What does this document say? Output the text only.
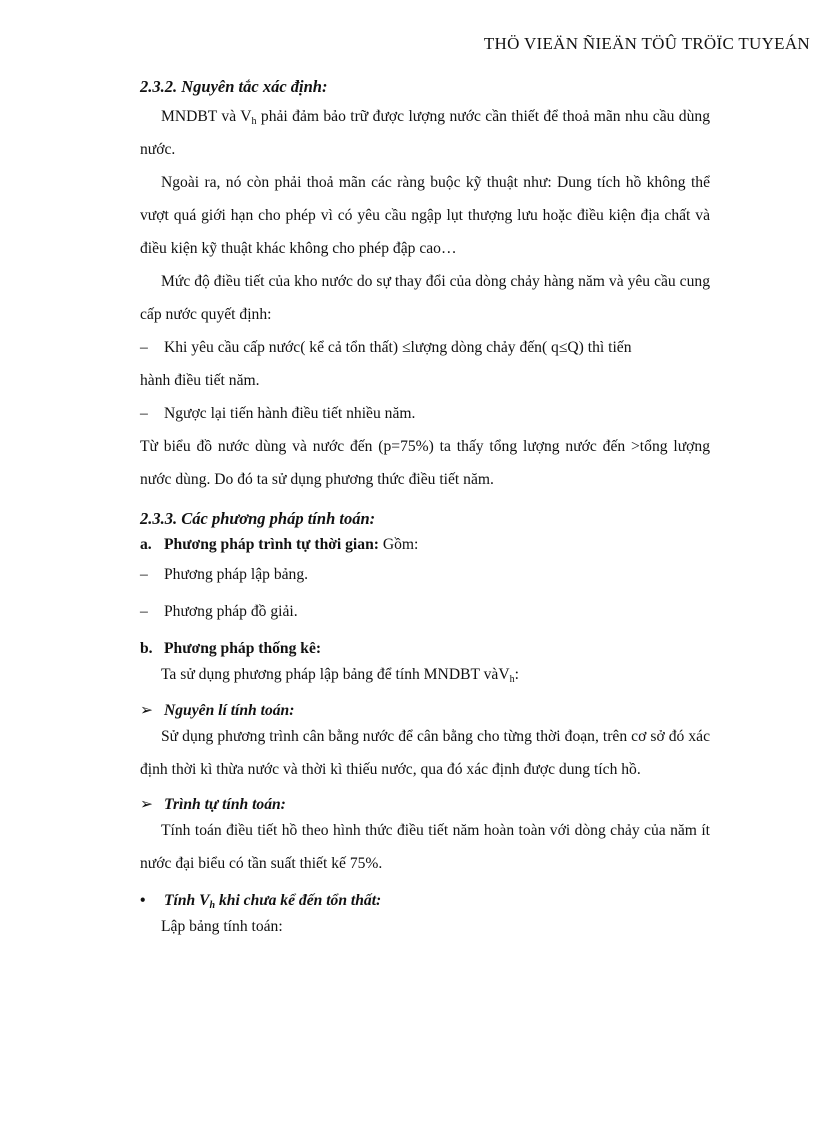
THÖ VIEÄN ÑIEÄN TÖÛ TRÖÏC TUYEÁN
2.3.2. Nguyên tắc xác định:

MNDBT và $V_h$ phải đảm bảo trữ được lượng nước cần thiết để thoả mãn nhu cầu dùng nước.

Ngoài ra, nó còn phải thoả mãn các ràng buộc kỹ thuật như: Dung tích hồ không thể vượt quá giới hạn cho phép vì có yêu cầu ngập lụt thượng lưu hoặc điều kiện địa chất và điều kiện kỹ thuật khác không cho phép đập cao…

Mức độ điều tiết của kho nước do sự thay đổi của dòng chảy hàng năm và yêu cầu cung cấp nước quyết định:

–	Khi yêu cầu cấp nước( kể cả tổn thất) ≤lượng dòng chảy đến( q≤Q) thì tiến
hành điều tiết năm.
–	Ngược lại tiến hành điều tiết nhiều năm.

Từ biểu đồ nước dùng và nước đến (p=75%) ta thấy tổng lượng nước đến >tổng lượng nước dùng. Do đó ta sử dụng phương thức điều tiết năm.

2.3.3. Các phương pháp tính toán:
a. Phương pháp trình tự thời gian: Gồm:
–	Phương pháp lập bảng.
–	Phương pháp đồ giải.
b. Phương pháp thống kê:

Ta sử dụng phương pháp lập bảng để tính MNDBT vàV$_h$:

➢ Nguyên lí tính toán:

Sử dụng phương trình cân bằng nước để cân bằng cho từng thời đoạn, trên cơ sở đó xác định thời kì thừa nước và thời kì thiếu nước, qua đó xác định được dung tích hồ.

➢ Trình tự tính toán:

Tính toán điều tiết hồ theo hình thức điều tiết năm hoàn toàn với dòng chảy của năm ít nước đại biểu có tần suất thiết kế 75%.

•	Tính $V_h$ khi chưa kể đến tổn thất:

Lập bảng tính toán:
